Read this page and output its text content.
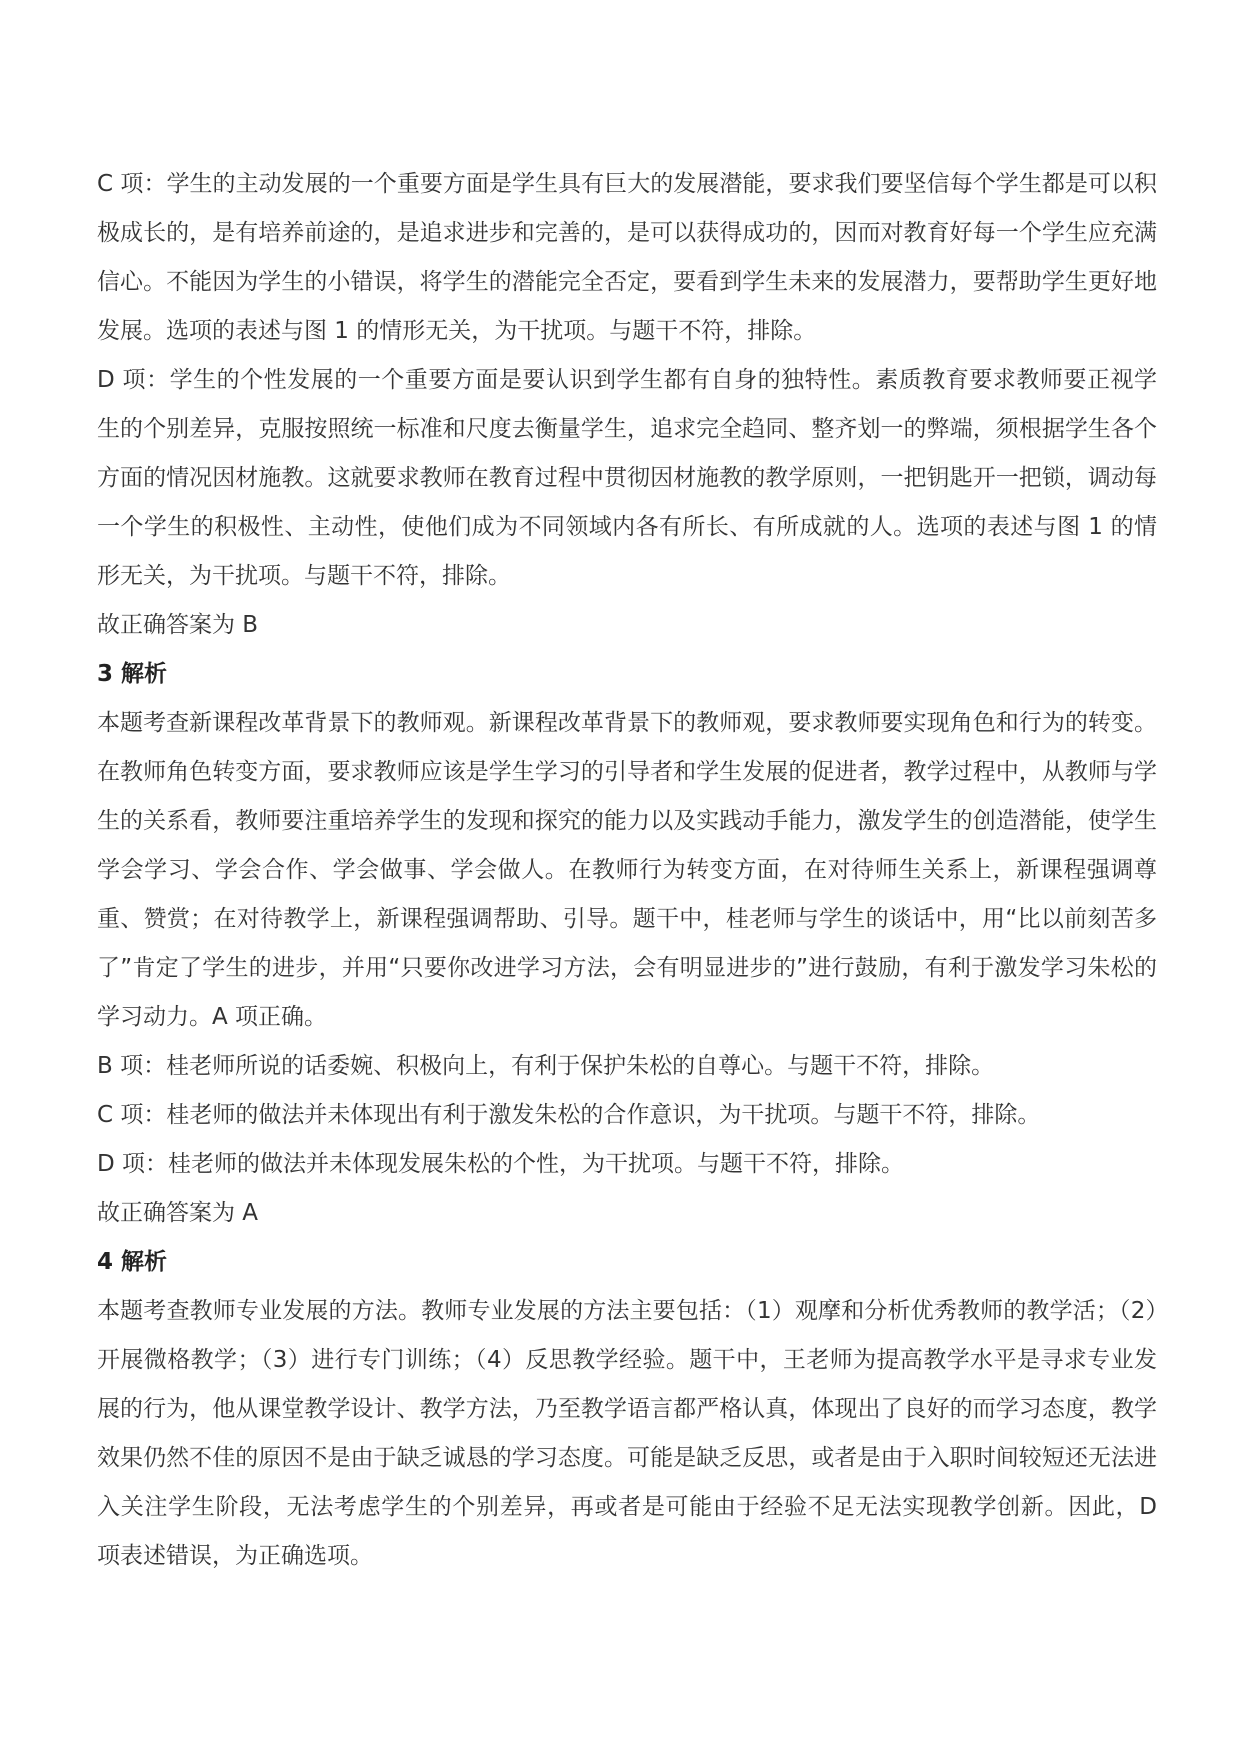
C 项：学生的主动发展的一个重要方面是学生具有巨大的发展潜能，要求我们要坚信每个学生都是可以积极成长的，是有培养前途的，是追求进步和完善的，是可以获得成功的，因而对教育好每一个学生应充满信心。不能因为学生的小错误，将学生的潜能完全否定，要看到学生未来的发展潜力，要帮助学生更好地发展。选项的表述与图 1 的情形无关，为干扰项。与题干不符，排除。

D 项：学生的个性发展的一个重要方面是要认识到学生都有自身的独特性。素质教育要求教师要正视学生的个别差异，克服按照统一标准和尺度去衡量学生，追求完全趋同、整齐划一的弊端，须根据学生各个方面的情况因材施教。这就要求教师在教育过程中贯彻因材施教的教学原则，一把钥匙开一把锁，调动每一个学生的积极性、主动性，使他们成为不同领域内各有所长、有所成就的人。选项的表述与图 1 的情形无关，为干扰项。与题干不符，排除。

故正确答案为 B

3 解析

本题考查新课程改革背景下的教师观。新课程改革背景下的教师观，要求教师要实现角色和行为的转变。在教师角色转变方面，要求教师应该是学生学习的引导者和学生发展的促进者，教学过程中，从教师与学生的关系看，教师要注重培养学生的发现和探究的能力以及实践动手能力，激发学生的创造潜能，使学生学会学习、学会合作、学会做事、学会做人。在教师行为转变方面，在对待师生关系上，新课程强调尊重、赞赏；在对待教学上，新课程强调帮助、引导。题干中，桂老师与学生的谈话中，用“比以前刻苦多了”肯定了学生的进步，并用“只要你改进学习方法，会有明显进步的”进行鼓励，有利于激发学习朱松的学习动力。A 项正确。

B 项：桂老师所说的话委婉、积极向上，有利于保护朱松的自尊心。与题干不符，排除。

C 项：桂老师的做法并未体现出有利于激发朱松的合作意识，为干扰项。与题干不符，排除。

D 项：桂老师的做法并未体现发展朱松的个性，为干扰项。与题干不符，排除。

故正确答案为 A

4 解析

本题考查教师专业发展的方法。教师专业发展的方法主要包括：（1）观摩和分析优秀教师的教学活；（2）开展微格教学；（3）进行专门训练；（4）反思教学经验。题干中，王老师为提高教学水平是寻求专业发展的行为，他从课堂教学设计、教学方法，乃至教学语言都严格认真，体现出了良好的而学习态度，教学效果仍然不佳的原因不是由于缺乏诚恳的学习态度。可能是缺乏反思，或者是由于入职时间较短还无法进入关注学生阶段，无法考虑学生的个别差异，再或者是可能由于经验不足无法实现教学创新。因此，D 项表述错误，为正确选项。
